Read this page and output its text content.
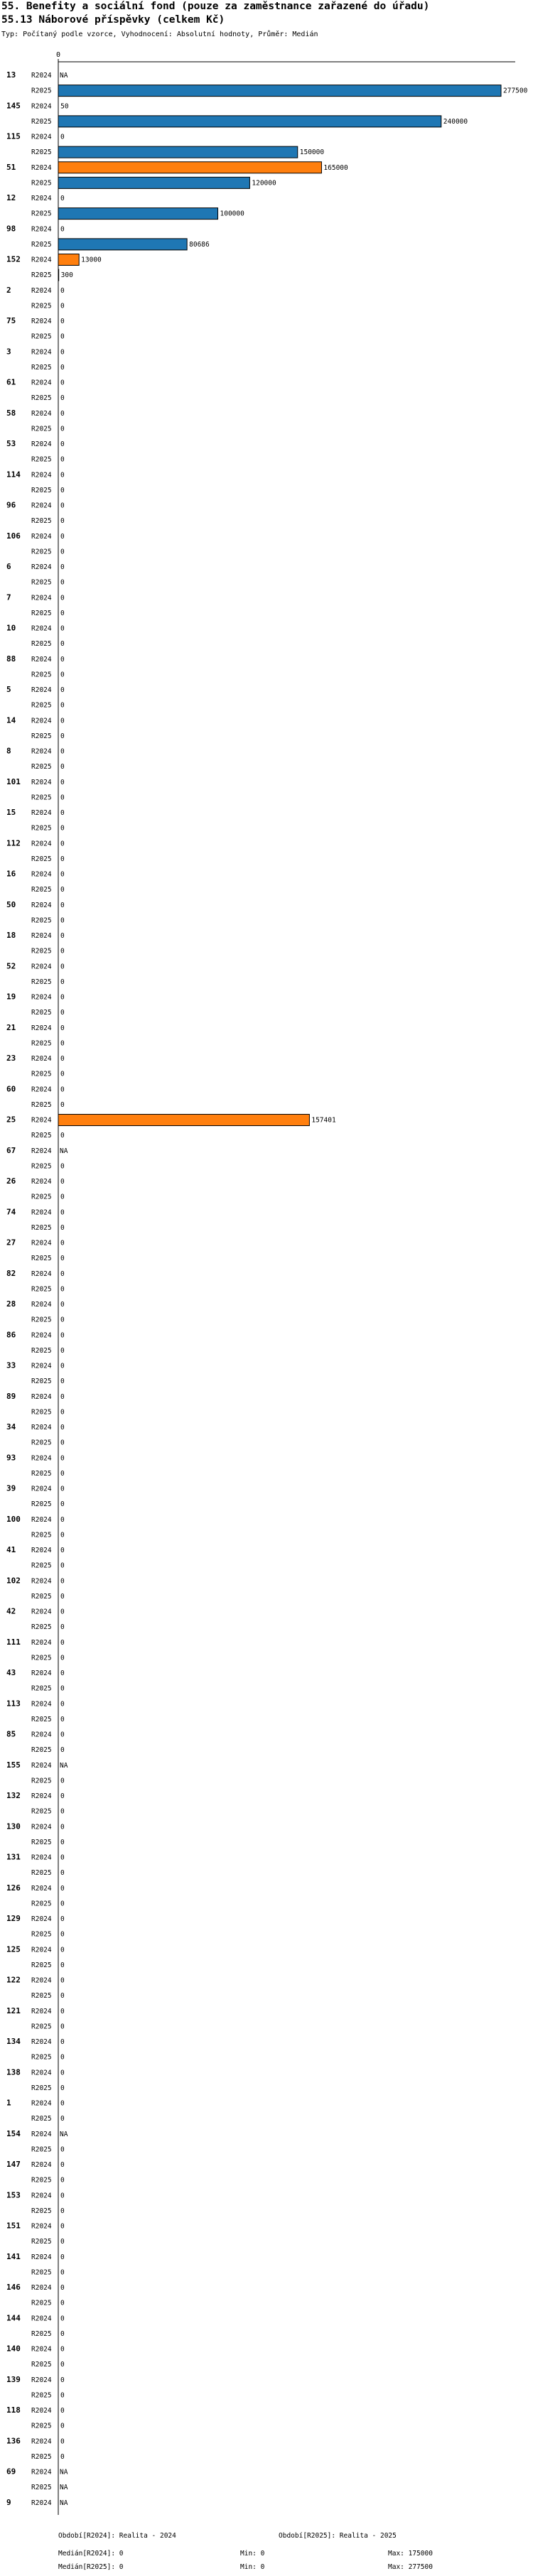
55. Benefity a sociální fond (pouze za zaměstnance zařazené do úřadu)
55.13 Náborové příspěvky (celkem Kč)
Typ: Počítaný podle vzorce, Vyhodnocení: Absolutní hodnoty, Průměr: Medián
0
13 R2024 NA
R2025	277500
145 R2024 50
R2025	240000
115 R2024 0
R2025	150000
51 R2024	165000
R2025	120000
12 R2024 0
R2025	100000
98 R2024 0
R2025	80686
152 R2024	13000
R2025 300
2	R2024 0
R2025 0
75 R2024 0
R2025 0
3	R2024 0
R2025 0
61 R2024 0
R2025 0
58 R2024 0
R2025 0
53 R2024 0
R2025 0
114 R2024 0
R2025 0
96 R2024 0
R2025 0
106 R2024 0
R2025 0
6	R2024 0
R2025 0
7	R2024 0
R2025 0
10 R2024 0
R2025 0
88 R2024 0
R2025 0
5	R2024 0
R2025 0
14 R2024 0
R2025 0
8	R2024 0
R2025 0
101 R2024 0
R2025 0
15 R2024 0
R2025 0
112 R2024 0
R2025 0
16 R2024 0
R2025 0
50 R2024 0
R2025 0
18 R2024 0
R2025 0
52 R2024 0
R2025 0
19 R2024 0
R2025 0
21 R2024 0
R2025 0
23 R2024 0
R2025 0
60 R2024 0
R2025 0
25 R2024	157401
R2025 0
67 R2024 NA
R2025 0
26 R2024 0
R2025 0
74 R2024 0
R2025 0
27 R2024 0
R2025 0
82 R2024 0
R2025 0
28 R2024 0
R2025 0
86 R2024 0
R2025 0
33 R2024 0
R2025 0
89 R2024 0
R2025 0
34 R2024 0
R2025 0
93 R2024 0
R2025 0
39 R2024 0
R2025 0
100 R2024 0
R2025 0
41 R2024 0
R2025 0
102 R2024 0
R2025 0
42 R2024 0
R2025 0
111 R2024 0
R2025 0
43 R2024 0
R2025 0
113 R2024 0
R2025 0
85 R2024 0
R2025 0
155 R2024 NA
R2025 0
132 R2024 0
R2025 0
130 R2024 0
R2025 0
131 R2024 0
R2025 0
126 R2024 0
R2025 0
129 R2024 0
R2025 0
125 R2024 0
R2025 0
122 R2024 0
R2025 0
121 R2024 0
R2025 0
134 R2024 0
R2025 0
138 R2024 0
R2025 0
1	R2024 0
R2025 0
154 R2024 NA
R2025 0
147 R2024 0
R2025 0
153 R2024 0
R2025 0
151 R2024 0
R2025 0
141 R2024 0
R2025 0
146 R2024 0
R2025 0
144 R2024 0
R2025 0
140 R2024 0
R2025 0
139 R2024 0
R2025 0
118 R2024 0
R2025 0
136 R2024 0
R2025 0
69 R2024 NA
R2025 NA
9	R2024 NA
Období[R2024]: Realita - 2024	Období[R2025]: Realita - 2025
Medián[R2024]: 0	Min: 0	Max: 175000
Medián[R2025]: 0	Min: 0	Max: 277500
